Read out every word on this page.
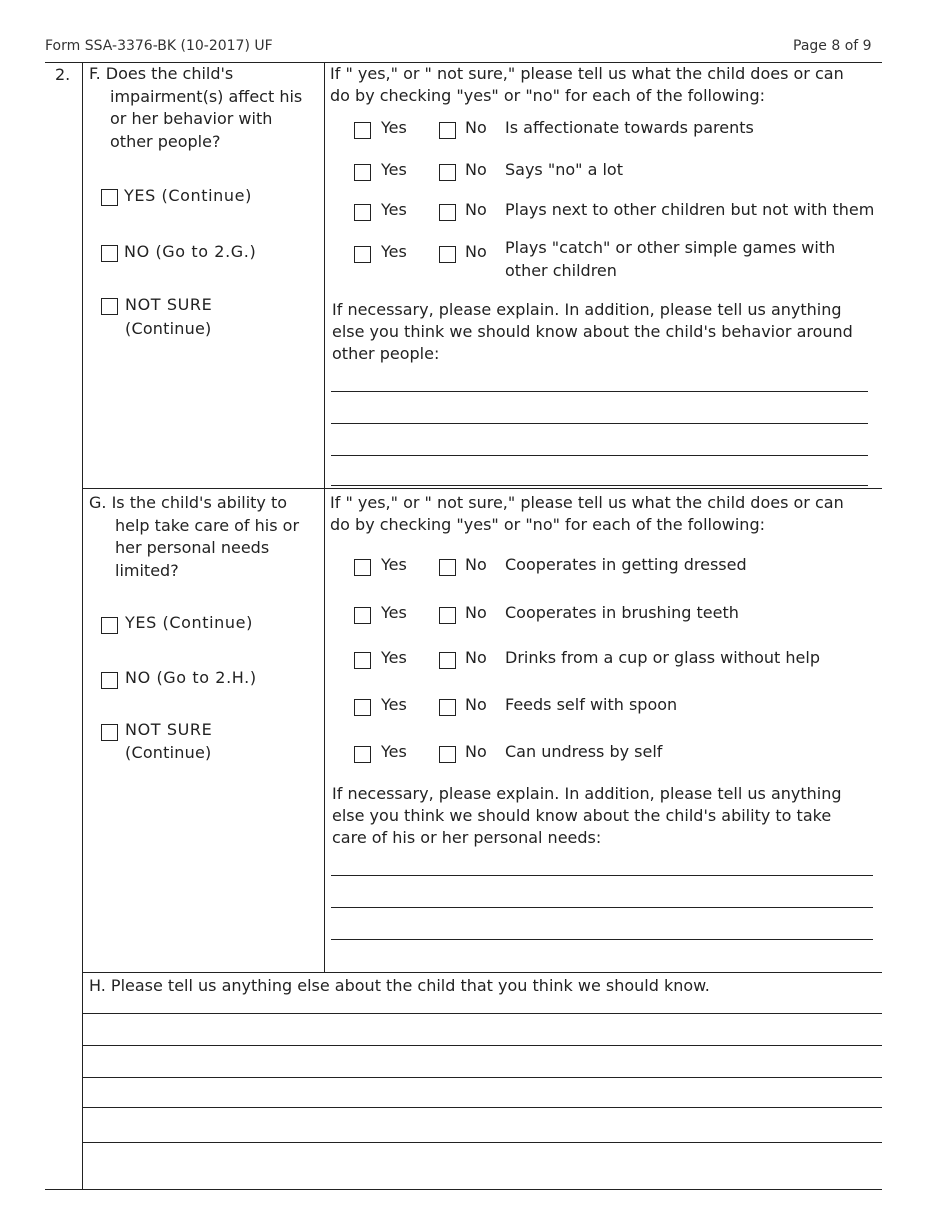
Form SSA-3376-BK (10-2017) UF	Page 8 of 9
2. F. Does the child's
impairment(s) affect his
or her behavior with
other people?
YES (Continue)
NO (Go to 2.G.)
NOT SURE
(Continue)
If " yes," or " not sure," please tell us what the child does or can
do by checking "yes" or "no" for each of the following:
Yes	No Is affectionate towards parents
Yes	No Says "no" a lot
Yes	No Plays next to other children but not with them
Yes	No Plays "catch" or other simple games with
other children
If necessary, please explain. In addition, please tell us anything
else you think we should know about the child's behavior around
other people:
G. Is the child's ability to
help take care of his or
her personal needs
limited?
YES (Continue)
NO (Go to 2.H.)
NOT SURE
(Continue)
If " yes," or " not sure," please tell us what the child does or can
do by checking "yes" or "no" for each of the following:
Yes	No Cooperates in getting dressed
Yes	No Cooperates in brushing teeth
Yes	No Drinks from a cup or glass without help
Yes	No Feeds self with spoon
Yes	No Can undress by self
If necessary, please explain. In addition, please tell us anything
else you think we should know about the child's ability to take
care of his or her personal needs:
H. Please tell us anything else about the child that you think we should know.
